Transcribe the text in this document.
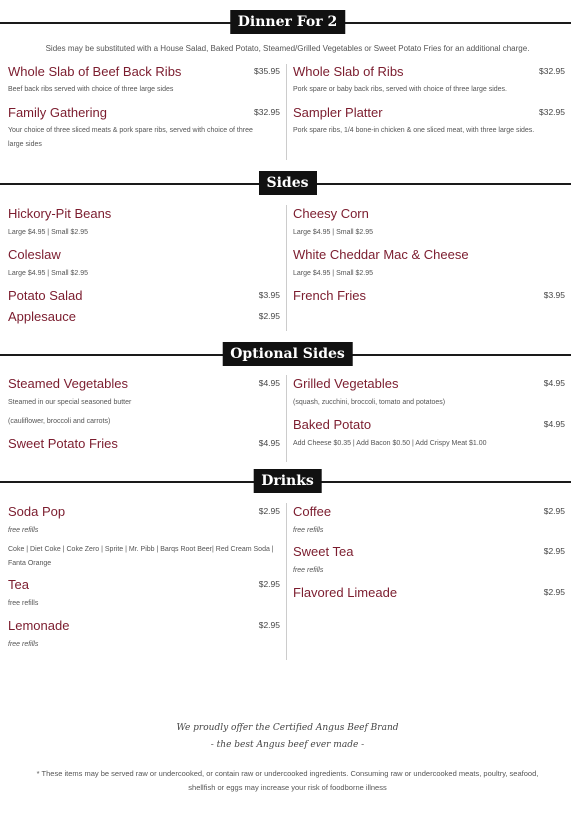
Dinner For 2
Sides may be substituted with a House Salad, Baked Potato, Steamed/Grilled Vegetables or Sweet Potato Fries for an additional charge.
Whole Slab of Beef Back Ribs	$35.95
Beef back ribs served with choice of three large sides
Family Gathering	$32.95
Your choice of three sliced meats & pork spare ribs, served with choice of three
large sides
Whole Slab of Ribs	$32.95
Pork spare or baby back ribs, served with choice of three large sides.
Sampler Platter	$32.95
Pork spare ribs, 1/4 bone-in chicken & one sliced meat, with three large sides.
Sides
Hickory-Pit Beans
Large $4.95 | Small $2.95
Coleslaw
Large $4.95 | Small $2.95
Potato Salad	$3.95
Applesauce	$2.95
Cheesy Corn
Large $4.95 | Small $2.95
White Cheddar Mac & Cheese
Large $4.95 | Small $2.95
French Fries	$3.95
Optional Sides
Steamed Vegetables	$4.95
Steamed in our special seasoned butter
(cauliflower, broccoli and carrots)
Sweet Potato Fries	$4.95
Grilled Vegetables	$4.95
(squash, zucchini, broccoli, tomato and potatoes)
Baked Potato	$4.95
Add Cheese $0.35 | Add Bacon $0.50 | Add Crispy Meat $1.00
Drinks
Soda Pop	$2.95
free refills
Coke | Diet Coke | Coke Zero | Sprite | Mr. Pibb | Barqs Root Beer| Red Cream Soda |
Fanta Orange
Tea	$2.95
free refills
Lemonade	$2.95
free refills
Coffee	$2.95
free refills
Sweet Tea	$2.95
free refills
Flavored Limeade	$2.95
We proudly offer the Certified Angus Beef Brand
- the best Angus beef ever made -
* These items may be served raw or undercooked, or contain raw or undercooked ingredients. Consuming raw or undercooked meats, poultry, seafood,
shellfish or eggs may increase your risk of foodborne illness
